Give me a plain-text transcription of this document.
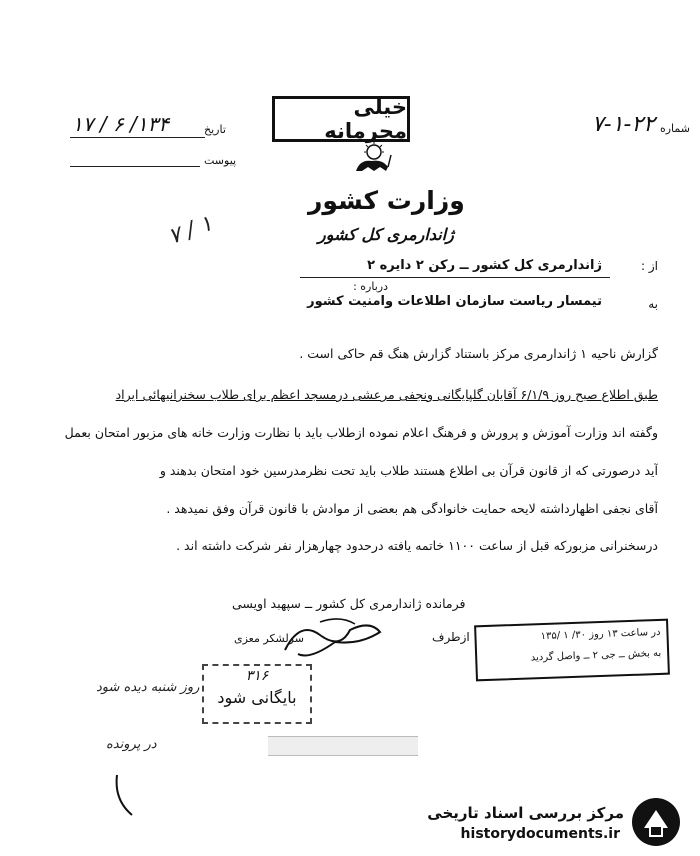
شماره
۷-۱-۲۲
تاریخ
۱۷ / ۶ /۱۳۴
پیوست
خیلی محرمانه
وزارت کشور
ژاندارمری کل کشور
۷ / ۱
از :
ژاندارمری کل کشور ــ رکن ۲ دایره ۲
درباره :
به
تیمسار ریاست سازمان اطلاعات وامنیت کشور
گزارش ناحیه ۱ ژاندارمری مرکز باستناد گزارش هنگ قم حاکی است .
طبق اطلاع صبح روز ۶/۱/۹ آقایان گلپایگانی ونجفی مرعشی درمسجد اعظم برای طلاب سخنرانیهائی ایراد
وگفته اند وزارت آموزش و پرورش و فرهنگ اعلام نموده ازطلاب باید با نظارت وزارت خانه های مزبور امتحان بعمل
آید درصورتی که از قانون قرآن بی اطلاع هستند طلاب باید تحت نظرمدرسین خود امتحان بدهند و
آقای نجفی اظهارداشته لایحه حمایت خانوادگی هم بعضی از موادش با قانون قرآن وفق نمیدهد .
درسخنرانی مزبورکه قبل از ساعت ۱۱۰۰ خاتمه یافته درحدود چهارهزار نفر شرکت داشته اند .
فرمانده ژاندارمری کل کشور ــ سپهبد اویسی
سرلشکر معزی	ازطرف	در ساعت ۱۳ روز ۳۰/ ۱ /۱۳۵
به بخش ــ جی ۲ ــ واصل گردید
۳۱۶
بایگانی شود
روز شنبه دیده شود
در پرونده
مرکز بررسی اسناد تاریخی
historydocuments.ir
